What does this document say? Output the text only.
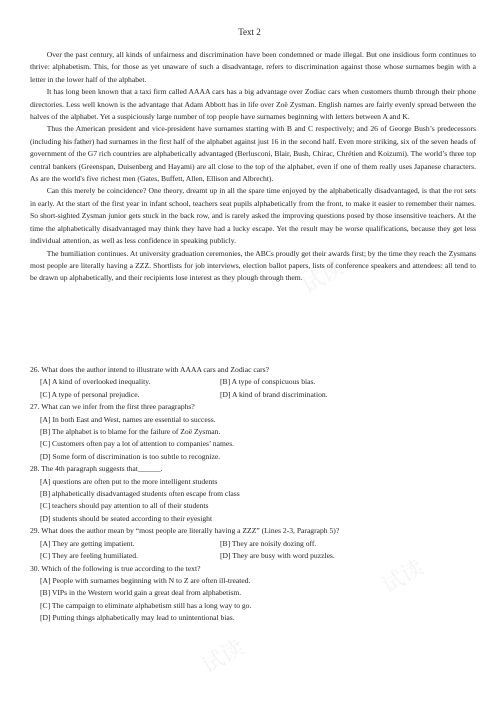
试读
试读
试读
试读
试读
Text 2

Over the past century, all kinds of unfairness and discrimination have been condemned or made illegal. But one insidious form continues to thrive: alphabetism. This, for those as yet unaware of such a disadvantage, refers to discrimination against those whose surnames begin with a letter in the lower half of the alphabet.

It has long been known that a taxi firm called AAAA cars has a big advantage over Zodiac cars when customers thumb through their phone directories. Less well known is the advantage that Adam Abbott has in life over Zoë Zysman. English names are fairly evenly spread between the halves of the alphabet. Yet a suspiciously large number of top people have surnames beginning with letters between A and K.

Thus the American president and vice-president have surnames starting with B and C respectively; and 26 of George Bush’s predecessors (including his father) had surnames in the first half of the alphabet against just 16 in the second half. Even more striking, six of the seven heads of government of the G7 rich countries are alphabetically advantaged (Berlusconi, Blair, Bush, Chirac, Chrétien and Koizumi). The world’s three top central bankers (Greenspan, Duisenberg and Hayami) are all close to the top of the alphabet, even if one of them really uses Japanese characters. As are the world's five richest men (Gates, Buffett, Allen, Ellison and Albrecht).

Can this merely be coincidence? One theory, dreamt up in all the spare time enjoyed by the alphabetically disadvantaged, is that the rot sets in early. At the start of the first year in infant school, teachers seat pupils alphabetically from the front, to make it easier to remember their names. So short-sighted Zysman junior gets stuck in the back row, and is rarely asked the improving questions posed by those insensitive teachers. At the time the alphabetically disadvantaged may think they have had a lucky escape. Yet the result may be worse qualifications, because they get less individual attention, as well as less confidence in speaking publicly.

The humiliation continues. At university graduation ceremonies, the ABCs proudly get their awards first; by the time they reach the Zysmans most people are literally having a ZZZ. Shortlists for job interviews, election ballot papers, lists of conference speakers and attendees: all tend to be drawn up alphabetically, and their recipients lose interest as they plough through them.

26. What does the author intend to illustrate with AAAA cars and Zodiac cars?
[A] A kind of overlooked inequality.	[B] A type of conspicuous bias.
[C] A type of personal prejudice.	[D] A kind of brand discrimination.
27. What can we infer from the first three paragraphs?
[A] In both East and West, names are essential to success.
[B] The alphabet is to blame for the failure of Zoë Zysman.
[C] Customers often pay a lot of attention to companies’ names.
[D] Some form of discrimination is too subtle to recognize.
28. The 4th paragraph suggests that______.
[A] questions are often put to the more intelligent students
[B] alphabetically disadvantaged students often escape from class
[C] teachers should pay attention to all of their students
[D] students should be seated according to their eyesight
29. What does the author mean by “most people are literally having a ZZZ” (Lines 2-3, Paragraph 5)?
[A] They are getting impatient.	[B] They are noisily dozing off.
[C] They are feeling humiliated.	[D] They are busy with word puzzles.
30. Which of the following is true according to the text?
[A] People with surnames beginning with N to Z are often ill-treated.
[B] VIPs in the Western world gain a great deal from alphabetism.
[C] The campaign to eliminate alphabetism still has a long way to go.
[D] Putting things alphabetically may lead to unintentional bias.
